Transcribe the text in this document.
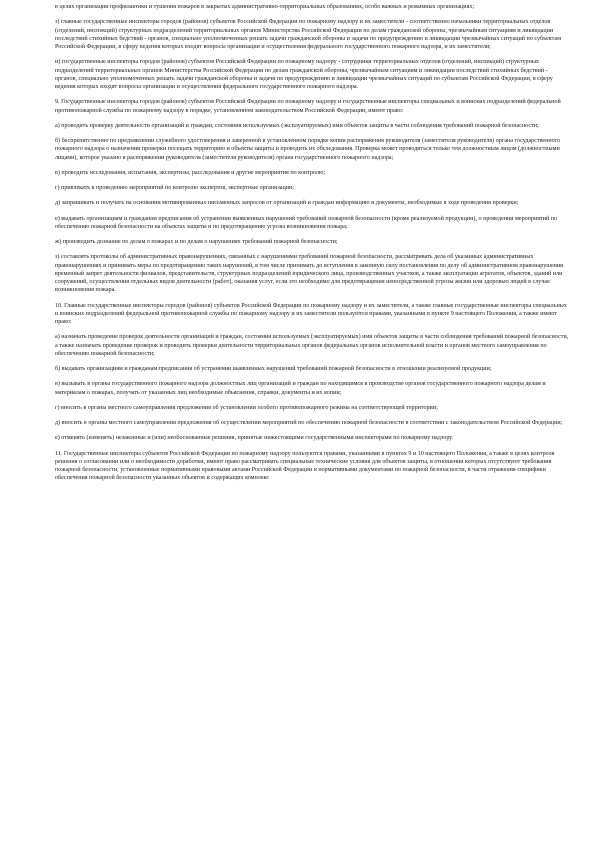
в целях организации профилактики и тушения пожаров в закрытых административно-территориальных образованиях, особо важных и режимных организациях;

з) главные государственные инспекторы городов (районов) субъектов Российской Федерации по пожарному надзору и их заместители - соответственно начальники территориальных отделов (отделений, инспекций) структурных подразделений территориальных органов Министерства Российской Федерации по делам гражданской обороны, чрезвычайным ситуациям и ликвидации последствий стихийных бедствий - органов, специально уполномоченных решать задачи гражданской обороны и задачи по предупреждению и ликвидации чрезвычайных ситуаций по субъектам Российской Федерации, в сферу ведения которых входят вопросы организации и осуществления федерального государственного пожарного надзора, и их заместители;

и) государственные инспекторы городов (районов) субъектов Российской Федерации по пожарному надзору - сотрудники территориальных отделов (отделений, инспекций) структурных подразделений территориальных органов Министерства Российской Федерации по делам гражданской обороны, чрезвычайным ситуациям и ликвидации последствий стихийных бедствий - органов, специально уполномоченных решать задачи гражданской обороны и задачи по предупреждению и ликвидации чрезвычайных ситуаций по субъектам Российской Федерации, в сферу ведения которых входят вопросы организации и осуществления федерального государственного пожарного надзора.

9. Государственные инспекторы городов (районов) субъектов Российской Федерации по пожарному надзору и государственные инспекторы специальных и воинских подразделений федеральной противопожарной службы по пожарному надзору в порядке, установленном законодательством Российской Федерации, имеют право:

а) проводить проверку деятельности организаций и граждан, состояния используемых (эксплуатируемых) ими объектов защиты в части соблюдения требований пожарной безопасности;

б) беспрепятственно по предъявлении служебного удостоверения и заверенной в установленном порядке копии распоряжения руководителя (заместителя руководителя) органа государственного пожарного надзора о назначении проверки посещать территорию и объекты защиты и проводить их обследования. Проверка может проводиться только тем должностным лицом (должностными лицами), которое указано в распоряжении руководителя (заместителя руководителя) органа государственного пожарного надзора;

в) проводить исследования, испытания, экспертизы, расследования и другие мероприятия по контролю;

г) привлекать к проведению мероприятий по контролю экспертов, экспертные организации;

д) запрашивать и получать на основании мотивированных письменных запросов от организаций и граждан информацию и документы, необходимые в ходе проведения проверки;

е) выдавать организациям и гражданам предписания об устранении выявленных нарушений требований пожарной безопасности (кроме реализуемой продукции), о проведении мероприятий по обеспечению пожарной безопасности на объектах защиты и по предотвращению угрозы возникновения пожара;

ж) производить дознание по делам о пожарах и по делам о нарушениях требований пожарной безопасности;

з) составлять протоколы об административных правонарушениях, связанных с нарушениями требований пожарной безопасности, рассматривать дела об указанных административных правонарушениях и принимать меры по предотвращению таких нарушений, в том числе принимать до вступления в законную силу постановления по делу об административном правонарушении временный запрет деятельности филиалов, представительств, структурных подразделений юридического лица, производственных участков, а также эксплуатации агрегатов, объектов, зданий или сооружений, осуществления отдельных видов деятельности (работ), оказания услуг, если это необходимо для предотвращения непосредственной угрозы жизни или здоровью людей в случае возникновения пожара.

10. Главные государственные инспекторы городов (районов) субъектов Российской Федерации по пожарному надзору и их заместители, а также главные государственные инспекторы специальных и воинских подразделений федеральной противопожарной службы по пожарному надзору и их заместители пользуются правами, указанными в пункте 9 настоящего Положения, а также имеют право:

а) назначать проведение проверок деятельности организаций и граждан, состояния используемых (эксплуатируемых) ими объектов защиты в части соблюдения требований пожарной безопасности, а также назначать проведение проверок и проводить проверки деятельности территориальных органов федеральных органов исполнительной власти и органов местного самоуправления по обеспечению пожарной безопасности;

б) выдавать организациям и гражданам предписания об устранении выявленных нарушений требований пожарной безопасности в отношении реализуемой продукции;

в) вызывать в органы государственного пожарного надзора должностных лиц организаций и граждан по находящимся в производстве органов государственного пожарного надзора делам и материалам о пожарах, получать от указанных лиц необходимые объяснения, справки, документы и их копии;

г) вносить в органы местного самоуправления предложения об установлении особого противопожарного режима на соответствующей территории;

д) вносить в органы местного самоуправления предложения об осуществлении мероприятий по обеспечению пожарной безопасности в соответствии с законодательством Российской Федерации;

е) отменять (изменять) незаконные и (или) необоснованные решения, принятые нижестоящими государственными инспекторами по пожарному надзору.

11. Государственные инспекторы субъектов Российской Федерации по пожарному надзору пользуются правами, указанными в пунктах 9 и 10 настоящего Положения, а также в целях контроля решения о согласовании или о необходимости доработки, имеют право рассматривать специальные технические условия для объектов защиты, в отношении которых отсутствуют требования пожарной безопасности, установленные нормативными правовыми актами Российской Федерации и нормативными документами по пожарной безопасности, в части отражения специфики обеспечения пожарной безопасности указанных объектов и содержащих комплекс
